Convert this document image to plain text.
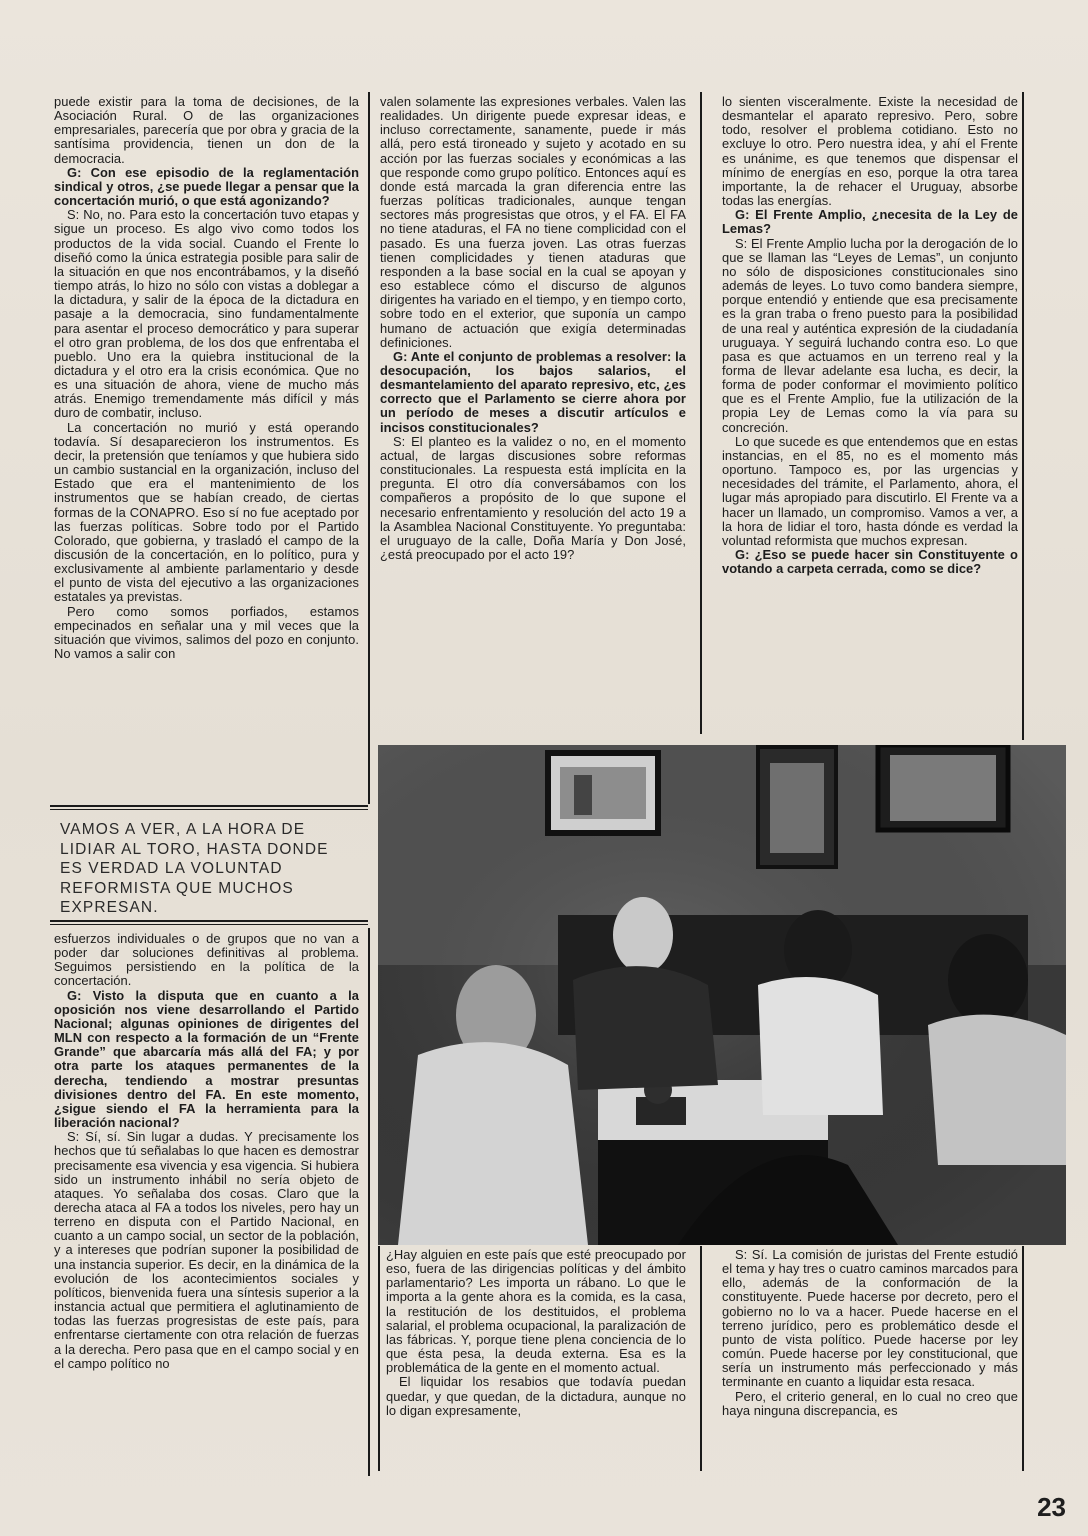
puede existir para la toma de decisiones, de la Asociación Rural. O de las organizaciones empresariales, parecería que por obra y gracia de la santísima providencia, tienen un don de la democracia.

G: Con ese episodio de la reglamentación sindical y otros, ¿se puede llegar a pensar que la concertación murió, o que está agonizando?

S: No, no. Para esto la concertación tuvo etapas y sigue un proceso. Es algo vivo como todos los productos de la vida social. Cuando el Frente lo diseñó como la única estrategia posible para salir de la situación en que nos encontrábamos, y la diseñó tiempo atrás, lo hizo no sólo con vistas a doblegar a la dictadura, y salir de la época de la dictadura en pasaje a la democracia, sino fundamentalmente para asentar el proceso democrático y para superar el otro gran problema, de los dos que enfrentaba el pueblo. Uno era la quiebra institucional de la dictadura y el otro era la crisis económica. Que no es una situación de ahora, viene de mucho más atrás. Enemigo tremendamente más difícil y más duro de combatir, incluso.

La concertación no murió y está operando todavía. Sí desaparecieron los instrumentos. Es decir, la pretensión que teníamos y que hubiera sido un cambio sustancial en la organización, incluso del Estado que era el mantenimiento de los instrumentos que se habían creado, de ciertas formas de la CONAPRO. Eso sí no fue aceptado por las fuerzas políticas. Sobre todo por el Partido Colorado, que gobierna, y trasladó el campo de la discusión de la concertación, en lo político, pura y exclusivamente al ambiente parlamentario y desde el punto de vista del ejecutivo a las organizaciones estatales ya previstas.

Pero como somos porfiados, estamos empecinados en señalar una y mil veces que la situación que vivimos, salimos del pozo en conjunto. No vamos a salir con

VAMOS A VER, A LA HORA DE
LIDIAR AL TORO, HASTA DONDE
ES VERDAD LA VOLUNTAD
REFORMISTA QUE MUCHOS
EXPRESAN.

esfuerzos individuales o de grupos que no van a poder dar soluciones definitivas al problema. Seguimos persistiendo en la política de la concertación.

G: Visto la disputa que en cuanto a la oposición nos viene desarrollando el Partido Nacional; algunas opiniones de dirigentes del MLN con respecto a la formación de un “Frente Grande” que abarcaría más allá del FA; y por otra parte los ataques permanentes de la derecha, tendiendo a mostrar presuntas divisiones dentro del FA. En este momento, ¿sigue siendo el FA la herramienta para la liberación nacional?

S: Sí, sí. Sin lugar a dudas. Y precisamente los hechos que tú señalabas lo que hacen es demostrar precisamente esa vivencia y esa vigencia. Si hubiera sido un instrumento inhábil no sería objeto de ataques. Yo señalaba dos cosas. Claro que la derecha ataca al FA a todos los niveles, pero hay un terreno en disputa con el Partido Nacional, en cuanto a un campo social, un sector de la población, y a intereses que podrían suponer la posibilidad de una instancia superior. Es decir, en la dinámica de la evolución de los acontecimientos sociales y políticos, bienvenida fuera una síntesis superior a la instancia actual que permitiera el aglutinamiento de todas las fuerzas progresistas de este país, para enfrentarse ciertamente con otra relación de fuerzas a la derecha. Pero pasa que en el campo social y en el campo político no

valen solamente las expresiones verbales. Valen las realidades. Un dirigente puede expresar ideas, e incluso correctamente, sanamente, puede ir más allá, pero está tironeado y sujeto y acotado en su acción por las fuerzas sociales y económicas a las que responde como grupo político. Entonces aquí es donde está marcada la gran diferencia entre las fuerzas políticas tradicionales, aunque tengan sectores más progresistas que otros, y el FA. El FA no tiene ataduras, el FA no tiene complicidad con el pasado. Es una fuerza joven. Las otras fuerzas tienen complicidades y tienen ataduras que responden a la base social en la cual se apoyan y eso establece cómo el discurso de algunos dirigentes ha variado en el tiempo, y en tiempo corto, sobre todo en el exterior, que suponía un campo humano de actuación que exigía determinadas definiciones.

G: Ante el conjunto de problemas a resolver: la desocupación, los bajos salarios, el desmantelamiento del aparato represivo, etc, ¿es correcto que el Parlamento se cierre ahora por un período de meses a discutir artículos e incisos constitucionales?

S: El planteo es la validez o no, en el momento actual, de largas discusiones sobre reformas constitucionales. La respuesta está implícita en la pregunta. El otro día conversábamos con los compañeros a propósito de lo que supone el necesario enfrentamiento y resolución del acto 19 a la Asamblea Nacional Constituyente. Yo preguntaba: el uruguayo de la calle, Doña María y Don José, ¿está preocupado por el acto 19?

lo sienten visceralmente. Existe la necesidad de desmantelar el aparato represivo. Pero, sobre todo, resolver el problema cotidiano. Esto no excluye lo otro. Pero nuestra idea, y ahí el Frente es unánime, es que tenemos que dispensar el mínimo de energías en eso, porque la otra tarea importante, la de rehacer el Uruguay, absorbe todas las energías.

G: El Frente Amplio, ¿necesita de la Ley de Lemas?

S: El Frente Amplio lucha por la derogación de lo que se llaman las “Leyes de Lemas”, un conjunto no sólo de disposiciones constitucionales sino además de leyes. Lo tuvo como bandera siempre, porque entendió y entiende que esa precisamente es la gran traba o freno puesto para la posibilidad de una real y auténtica expresión de la ciudadanía uruguaya. Y seguirá luchando contra eso. Lo que pasa es que actuamos en un terreno real y la forma de llevar adelante esa lucha, es decir, la forma de poder conformar el movimiento político que es el Frente Amplio, fue la utilización de la propia Ley de Lemas como la vía para su concreción.

Lo que sucede es que entendemos que en estas instancias, en el 85, no es el momento más oportuno. Tampoco es, por las urgencias y necesidades del trámite, el Parlamento, ahora, el lugar más apropiado para discutirlo. El Frente va a hacer un llamado, un compromiso. Vamos a ver, a la hora de lidiar el toro, hasta dónde es verdad la voluntad reformista que muchos expresan.

G: ¿Eso se puede hacer sin Constituyente o votando a carpeta cerrada, como se dice?

¿Hay alguien en este país que esté preocupado por eso, fuera de las dirigencias políticas y del ámbito parlamentario? Les importa un rábano. Lo que le importa a la gente ahora es la comida, es la casa, la restitución de los destituidos, el problema salarial, el problema ocupacional, la paralización de las fábricas. Y, porque tiene plena conciencia de lo que ésta pesa, la deuda externa. Esa es la problemática de la gente en el momento actual.

El liquidar los resabios que todavía puedan quedar, y que quedan, de la dictadura, aunque no lo digan expresamente,

S: Sí. La comisión de juristas del Frente estudió el tema y hay tres o cuatro caminos marcados para ello, además de la conformación de la constituyente. Puede hacerse por decreto, pero el gobierno no lo va a hacer. Puede hacerse en el terreno jurídico, pero es problemático desde el punto de vista político. Puede hacerse por ley común. Puede hacerse por ley constitucional, que sería un instrumento más perfeccionado y más terminante en cuanto a liquidar esta resaca.

Pero, el criterio general, en lo cual no creo que haya ninguna discrepancia, es

23
